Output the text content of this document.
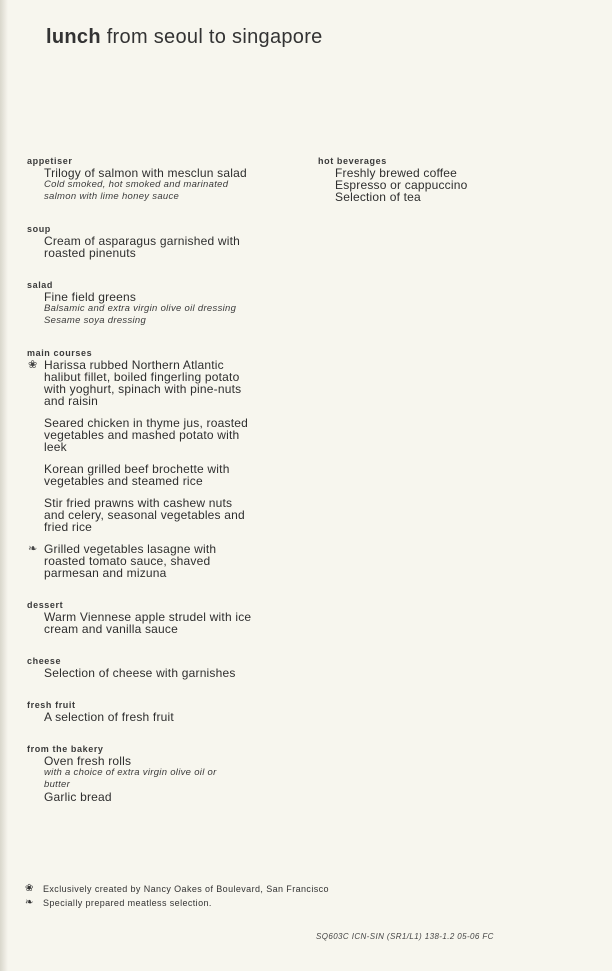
lunch from seoul to singapore
appetiser
Trilogy of salmon with mesclun salad
Cold smoked, hot smoked and marinated
salmon with lime honey sauce
soup
Cream of asparagus garnished with
roasted pinenuts
salad
Fine field greens
Balsamic and extra virgin olive oil dressing
Sesame soya dressing
main courses
❀ Harissa rubbed Northern Atlantic
halibut fillet, boiled fingerling potato
with yoghurt, spinach with pine-nuts
and raisin
Seared chicken in thyme jus, roasted
vegetables and mashed potato with
leek
Korean grilled beef brochette with
vegetables and steamed rice
Stir fried prawns with cashew nuts
and celery, seasonal vegetables and
fried rice
❧ Grilled vegetables lasagne with
roasted tomato sauce, shaved
parmesan and mizuna
dessert
Warm Viennese apple strudel with ice
cream and vanilla sauce
cheese
Selection of cheese with garnishes
fresh fruit
A selection of fresh fruit
from the bakery
Oven fresh rolls
with a choice of extra virgin olive oil or
butter
Garlic bread
hot beverages
Freshly brewed coffee
Espresso or cappuccino
Selection of tea
❀ Exclusively created by Nancy Oakes of Boulevard, San Francisco
❧ Specially prepared meatless selection.
SQ603C ICN-SIN (SR1/L1) 138-1.2 05-06 FC
